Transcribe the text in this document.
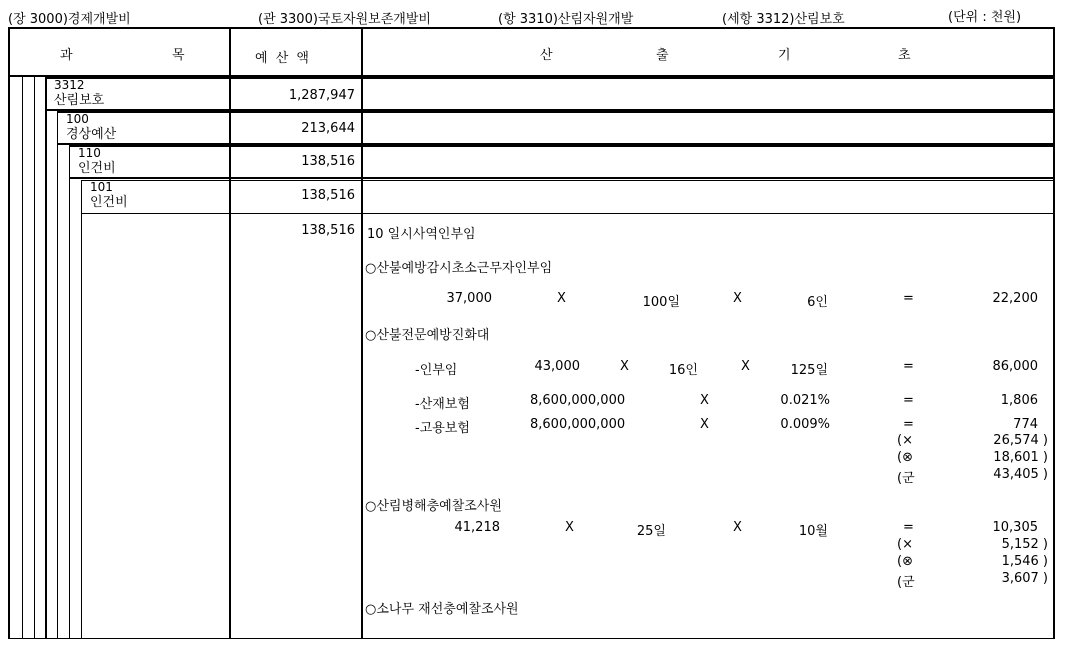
(장 3000)경제개발비	(관 3300)국토자원보존개발비	(항 3310)산림자원개발	(세항 3312)산림보호	(단위 : 천원)
과	목	예 산 액	산	출	기	초
3312
산림보호	1,287,947
100
경상예산	213,644
110
인건비	138,516
101
인건비	138,516
138,516 10 일시사역인부임
○산불예방감시초소근무자인부임
37,000	X	100일	X	6인	=	22,200
○산불전문예방진화대
-인부임	43,000	X	16인	X	125일	=	86,000
-산재보험	8,600,000,000	X	0.021%	=	1,806
-고용보험	8,600,000,000	X	0.009%	=	774
(×	26,574 )
(⊗	18,601 )
(군	43,405 )
○산림병해충예찰조사원
41,218	X	25일	X	10월	=	10,305
(×	5,152 )
(⊗	1,546 )
(군	3,607 )
○소나무 재선충예찰조사원
